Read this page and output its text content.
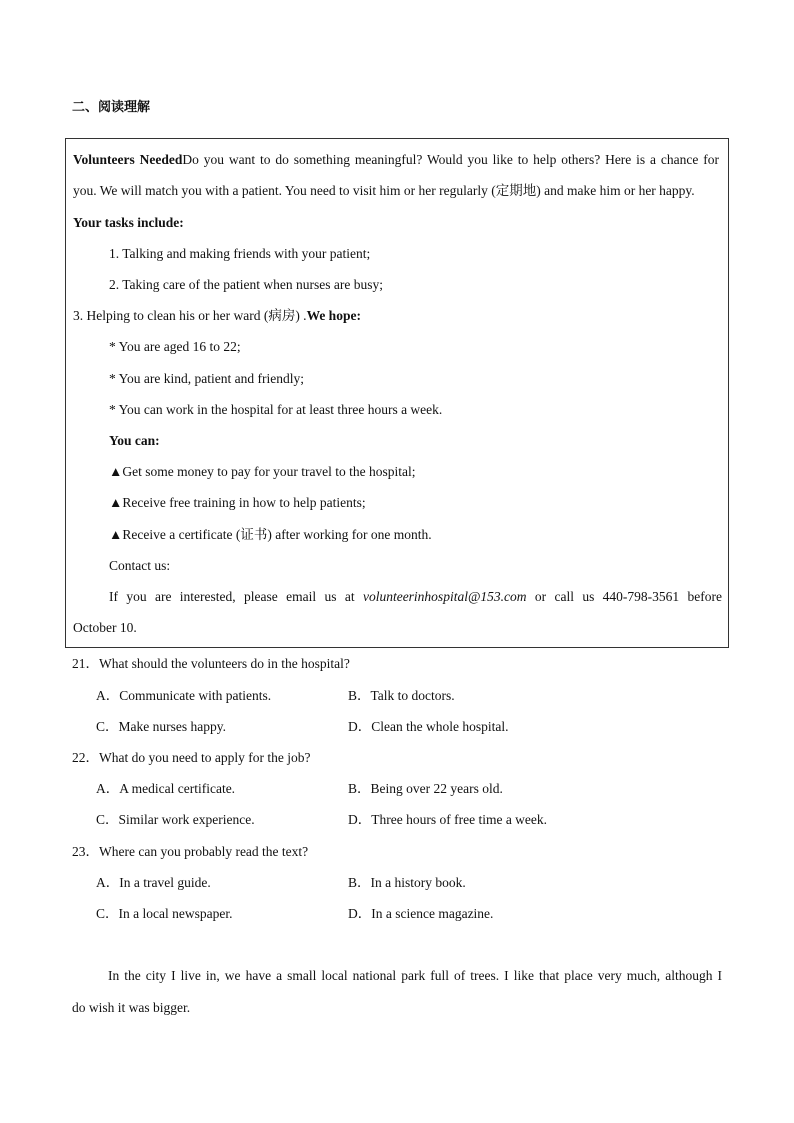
二、阅读理解
Volunteers NeededDo you want to do something meaningful? Would you like to help others? Here is a chance for
you. We will match you with a patient. You need to visit him or her regularly (定期地) and make him or her happy.
Your tasks include:
1. Talking and making friends with your patient;
2. Taking care of the patient when nurses are busy;
3. Helping to clean his or her ward (病房) .We hope:
* You are aged 16 to 22;
* You are kind, patient and friendly;
* You can work in the hospital for at least three hours a week.
You can:
▲Get some money to pay for your travel to the hospital;
▲Receive free training in how to help patients;
▲Receive a certificate (证书) after working for one month.
Contact us:
If you are interested, please email us at volunteerinhospital@153.com or call us 440-798-3561 before
October 10.
21．What should the volunteers do in the hospital?
A．Communicate with patients.	B．Talk to doctors.
C．Make nurses happy.	D．Clean the whole hospital.
22．What do you need to apply for the job?
A．A medical certificate.	B．Being over 22 years old.
C．Similar work experience.	D．Three hours of free time a week.
23．Where can you probably read the text?
A．In a travel guide.	B．In a history book.
C．In a local newspaper.	D．In a science magazine.
In the city I live in, we have a small local national park full of trees. I like that place very much, although I
do wish it was bigger.
